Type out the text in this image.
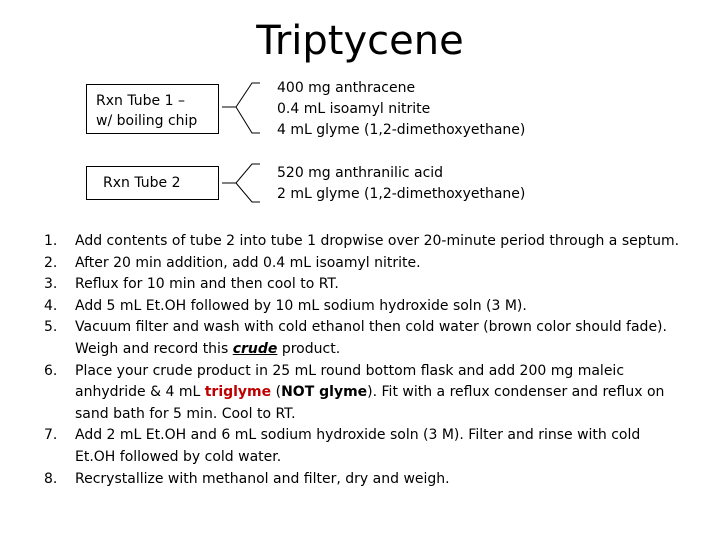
Triptycene
Rxn Tube 1 –
w/ boiling chip
400 mg anthracene
0.4 mL isoamyl nitrite
4 mL glyme (1,2-dimethoxyethane)
Rxn Tube 2
520 mg anthranilic acid
2 mL glyme (1,2-dimethoxyethane)
1.	Add contents of tube 2 into tube 1 dropwise over 20-minute period through a septum.
2.	After 20 min addition, add 0.4 mL isoamyl nitrite.
3.	Reflux for 10 min and then cool to RT.
4.	Add 5 mL Et.OH followed by 10 mL sodium hydroxide soln (3 M).
5.	Vacuum filter and wash with cold ethanol then cold water (brown color should fade). Weigh and record this crude product.
6.	Place your crude product in 25 mL round bottom flask and add 200 mg maleic anhydride & 4 mL triglyme (NOT glyme). Fit with a reflux condenser and reflux on sand bath for 5 min. Cool to RT.
7.	Add 2 mL Et.OH and 6 mL sodium hydroxide soln (3 M). Filter and rinse with cold Et.OH followed by cold water.
8.	Recrystallize with methanol and filter, dry and weigh.
